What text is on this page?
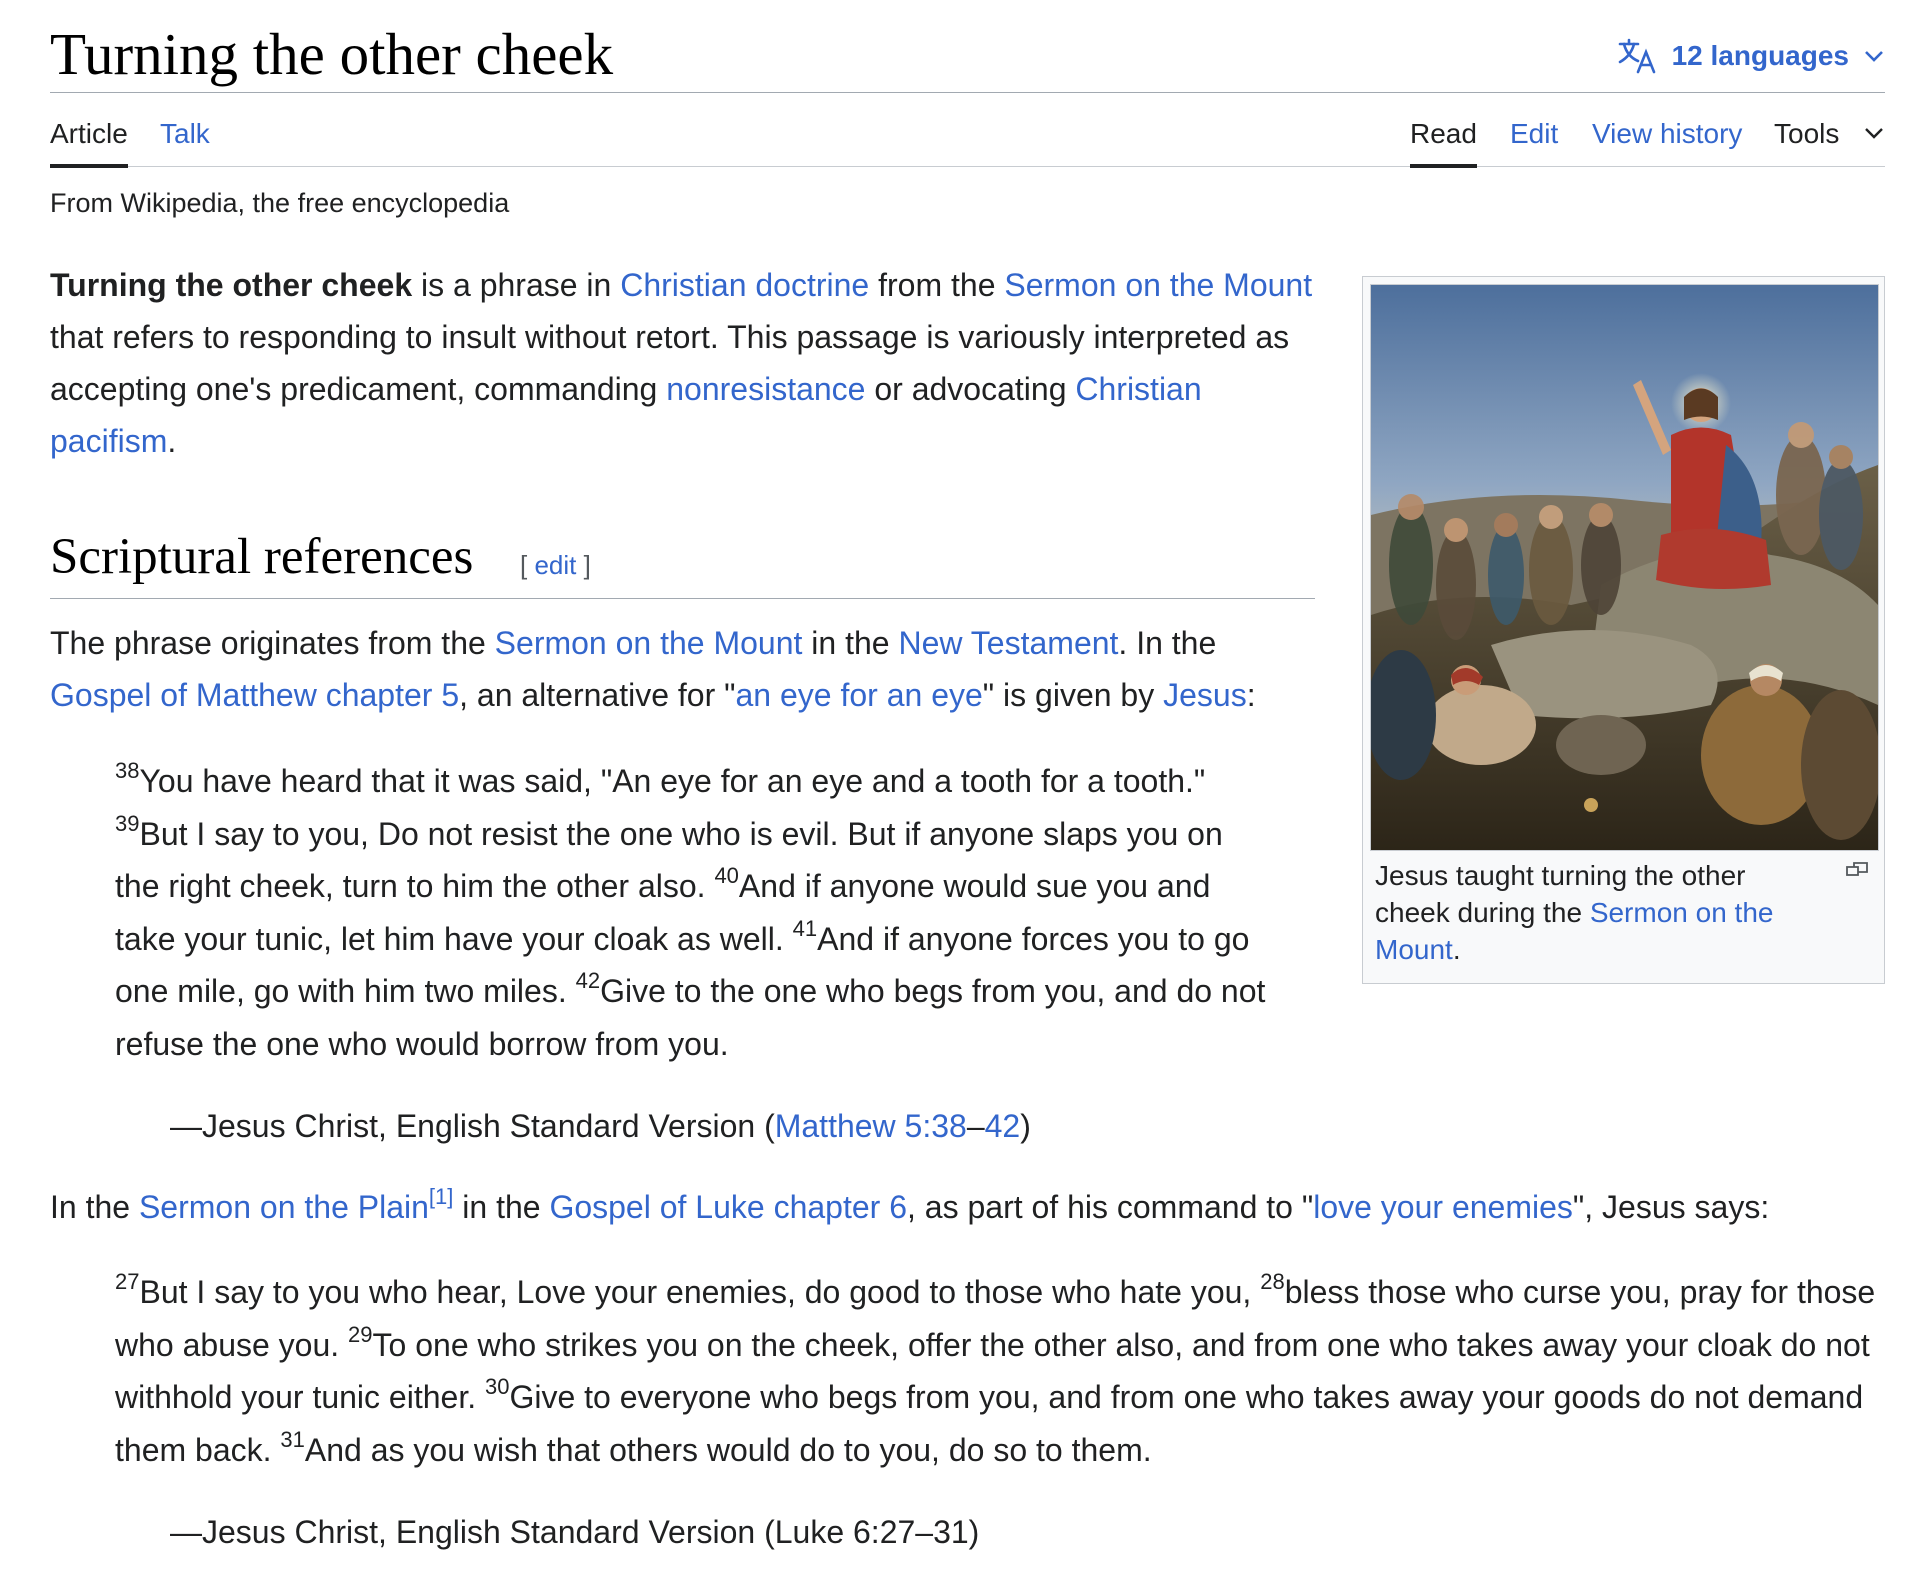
Turning the other cheek	12 languages
Article Talk	Read Edit View history Tools
From Wikipedia, the free encyclopedia

Turning the other cheek is a phrase in Christian doctrine from the Sermon on the Mount that refers to responding to insult without retort. This passage is variously interpreted as accepting one's predicament, commanding nonresistance or advocating Christian pacifism.

Scriptural references [ edit ]

The phrase originates from the Sermon on the Mount in the New Testament. In the Gospel of Matthew chapter 5, an alternative for "an eye for an eye" is given by Jesus:

$^{38}$You have heard that it was said, "An eye for an eye and a tooth for a tooth." $^{39}$But I say to you, Do not resist the one who is evil. But if anyone slaps you on the right cheek, turn to him the other also. $^{40}$And if anyone would sue you and take your tunic, let him have your cloak as well. $^{41}$And if anyone forces you to go one mile, go with him two miles. $^{42}$Give to the one who begs from you, and do not refuse the one who would borrow from you.

—Jesus Christ, English Standard Version (Matthew 5:38–42)

In the Sermon on the Plain[1] in the Gospel of Luke chapter 6, as part of his command to "love your enemies", Jesus says:

$^{27}$But I say to you who hear, Love your enemies, do good to those who hate you, $^{28}$bless those who curse you, pray for those who abuse you. $^{29}$To one who strikes you on the cheek, offer the other also, and from one who takes away your cloak do not withhold your tunic either. $^{30}$Give to everyone who begs from you, and from one who takes away your goods do not demand them back. $^{31}$And as you wish that others would do to you, do so to them.

—Jesus Christ, English Standard Version (Luke 6:27–31)
Jesus taught turning the other cheek during the Sermon on the Mount.
